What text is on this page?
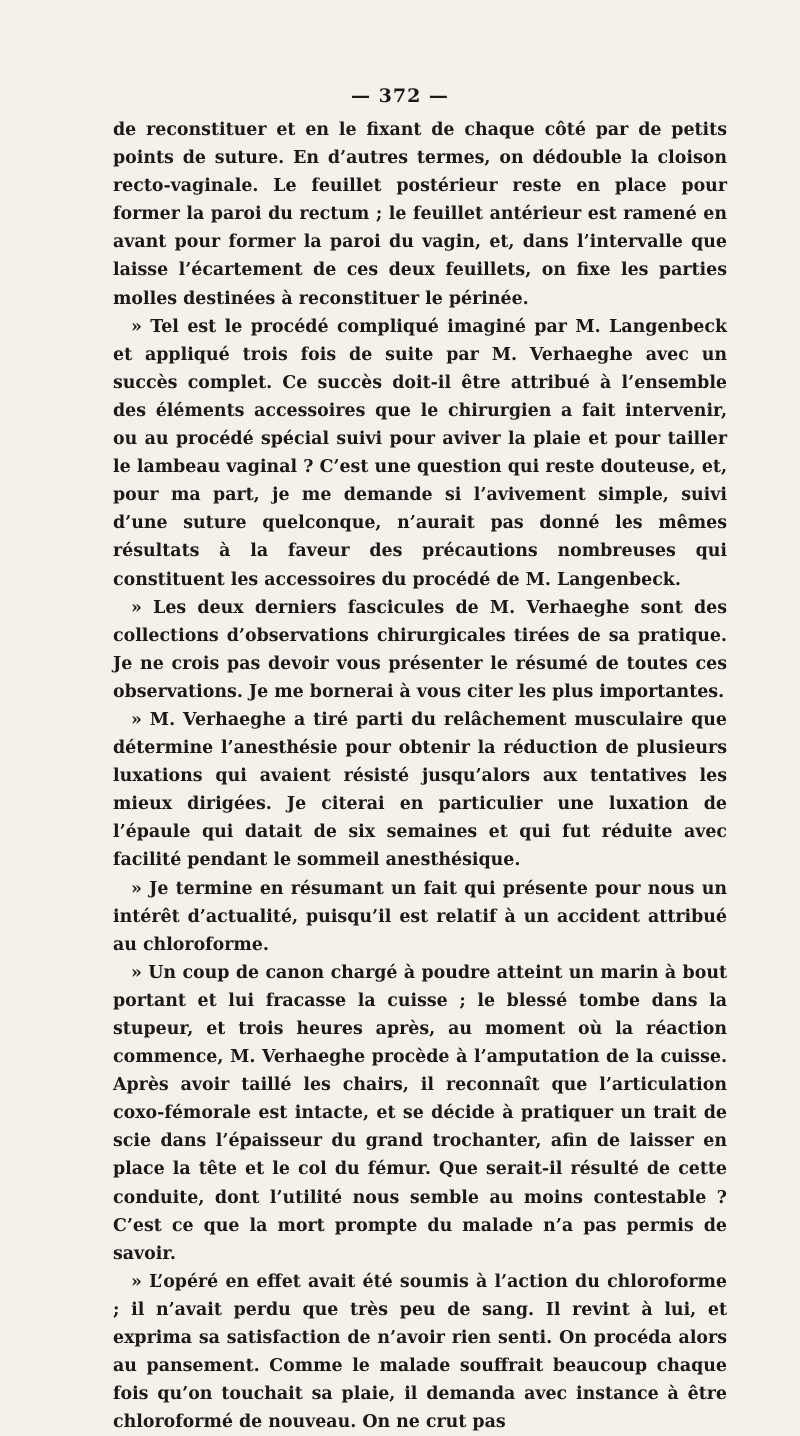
— 372 —

de reconstituer et en le fixant de chaque côté par de petits points de suture. En d’autres termes, on dédouble la cloison recto-vaginale. Le feuillet postérieur reste en place pour former la paroi du rectum ; le feuillet antérieur est ramené en avant pour former la paroi du vagin, et, dans l’intervalle que laisse l’écartement de ces deux feuillets, on fixe les parties molles destinées à reconstituer le périnée.

» Tel est le procédé compliqué imaginé par M. Langenbeck et appliqué trois fois de suite par M. Verhaeghe avec un succès complet. Ce succès doit-il être attribué à l’ensemble des éléments accessoires que le chirurgien a fait intervenir, ou au procédé spécial suivi pour aviver la plaie et pour tailler le lambeau vaginal ? C’est une question qui reste douteuse, et, pour ma part, je me demande si l’avivement simple, suivi d’une suture quelconque, n’aurait pas donné les mêmes résultats à la faveur des précautions nombreuses qui constituent les accessoires du procédé de M. Langenbeck.

» Les deux derniers fascicules de M. Verhaeghe sont des collections d’observations chirurgicales tirées de sa pratique. Je ne crois pas devoir vous présenter le résumé de toutes ces observations. Je me bornerai à vous citer les plus importantes.

» M. Verhaeghe a tiré parti du relâchement musculaire que détermine l’anesthésie pour obtenir la réduction de plusieurs luxations qui avaient résisté jusqu’alors aux tentatives les mieux dirigées. Je citerai en particulier une luxation de l’épaule qui datait de six semaines et qui fut réduite avec facilité pendant le sommeil anesthésique.

» Je termine en résumant un fait qui présente pour nous un intérêt d’actualité, puisqu’il est relatif à un accident attribué au chloroforme.

» Un coup de canon chargé à poudre atteint un marin à bout portant et lui fracasse la cuisse ; le blessé tombe dans la stupeur, et trois heures après, au moment où la réaction commence, M. Verhaeghe procède à l’amputation de la cuisse. Après avoir taillé les chairs, il reconnaît que l’articulation coxo-fémorale est intacte, et se décide à pratiquer un trait de scie dans l’épaisseur du grand trochanter, afin de laisser en place la tête et le col du fémur. Que serait-il résulté de cette conduite, dont l’utilité nous semble au moins contestable ? C’est ce que la mort prompte du malade n’a pas permis de savoir.

» L’opéré en effet avait été soumis à l’action du chloroforme ; il n’avait perdu que très peu de sang. Il revint à lui, et exprima sa satisfaction de n’avoir rien senti. On procéda alors au pansement. Comme le malade souffrait beaucoup chaque fois qu’on touchait sa plaie, il demanda avec instance à être chloroformé de nouveau. On ne crut pas
